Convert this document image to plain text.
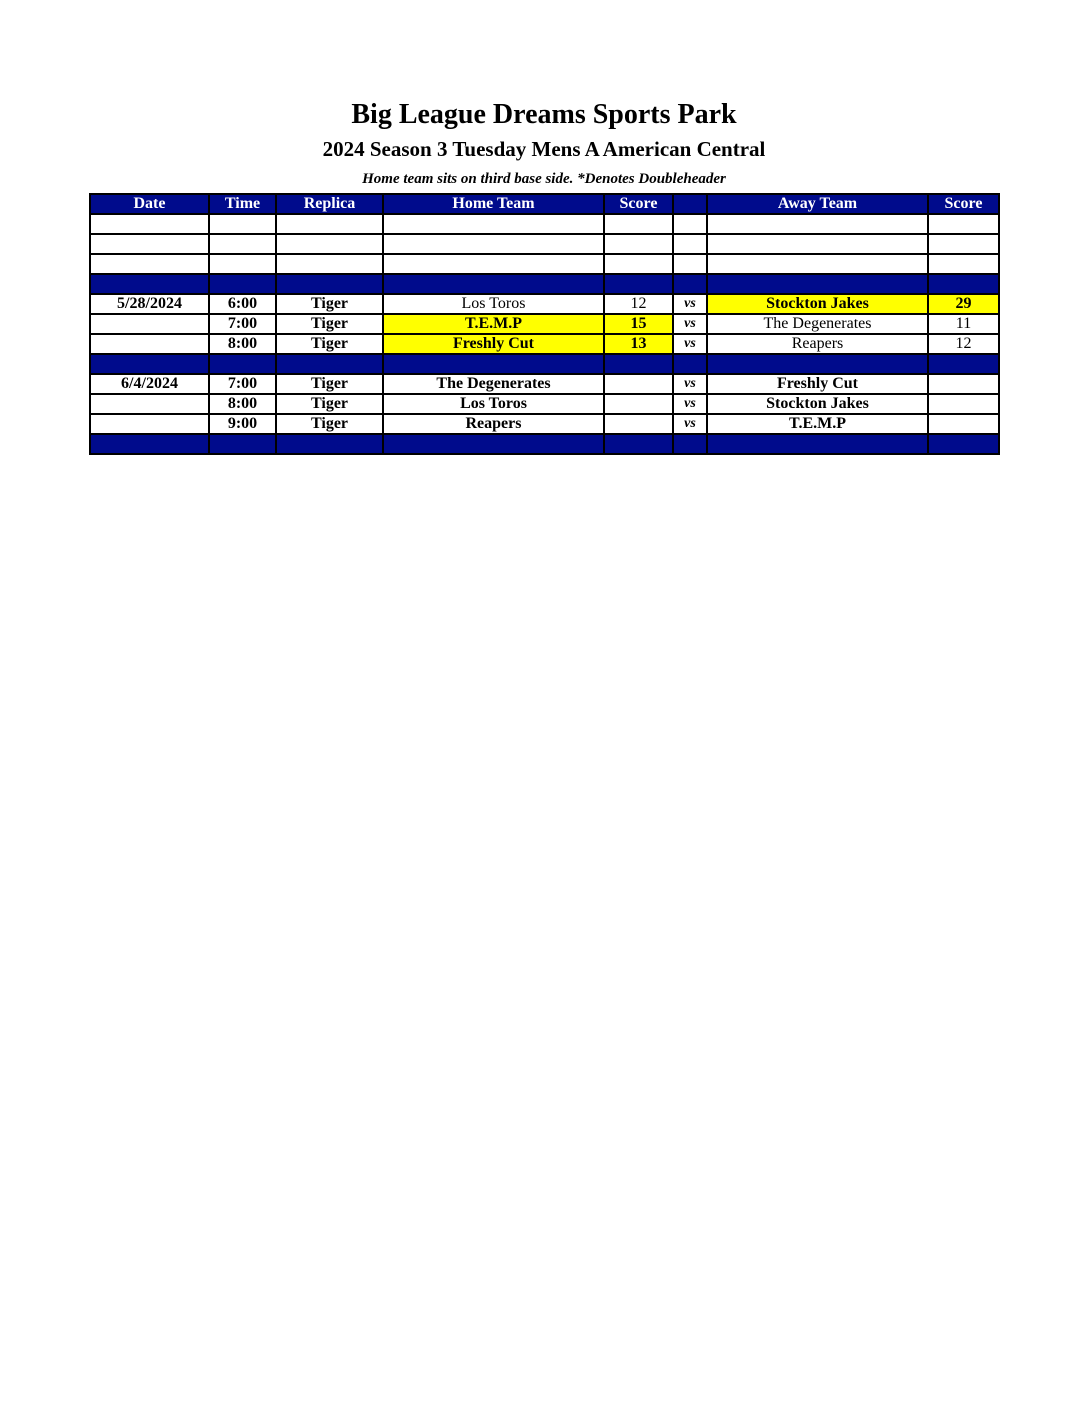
Big League Dreams Sports Park
2024 Season 3 Tuesday Mens A American Central
Home team sits on third base side. *Denotes Doubleheader
Date	Time	Replica	Home Team	Score		Away Team	Score

5/28/2024	6:00	Tiger	Los Toros	12	vs	Stockton Jakes	29
	7:00	Tiger	T.E.M.P	15	vs	The Degenerates	11
	8:00	Tiger	Freshly Cut	13	vs	Reapers	12

6/4/2024	7:00	Tiger	The Degenerates		vs	Freshly Cut	
	8:00	Tiger	Los Toros		vs	Stockton Jakes	
	9:00	Tiger	Reapers		vs	T.E.M.P	
